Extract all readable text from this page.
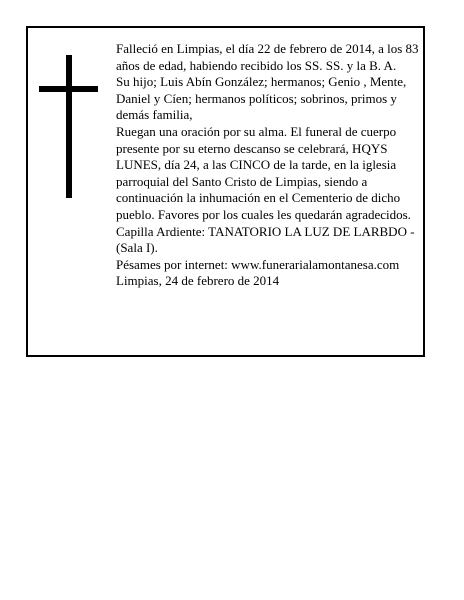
Falleció en Limpias, el día 22 de febrero de 2014, a los 83 años de edad, habiendo recibido los SS. SS. y la B. A.

Su hijo; Luis Abín González; hermanos; Genio , Mente, Daniel y Cíen; hermanos políticos; sobrinos, primos y demás familia,

Ruegan una oración por su alma. El funeral de cuerpo presente por su eterno descanso se celebrará, HQYS LUNES, día 24, a las CINCO de la tarde, en la iglesia parroquial del Santo Cristo de Limpias, siendo a continuación la inhumación en el Cementerio de dicho pueblo. Favores por los cuales les quedarán agradecidos. Capilla Ardiente: TANATORIO LA LUZ DE LARBDO - (Sala I).

Pésames por internet: www.funerarialamontanesa.com

Limpias, 24 de febrero de 2014
